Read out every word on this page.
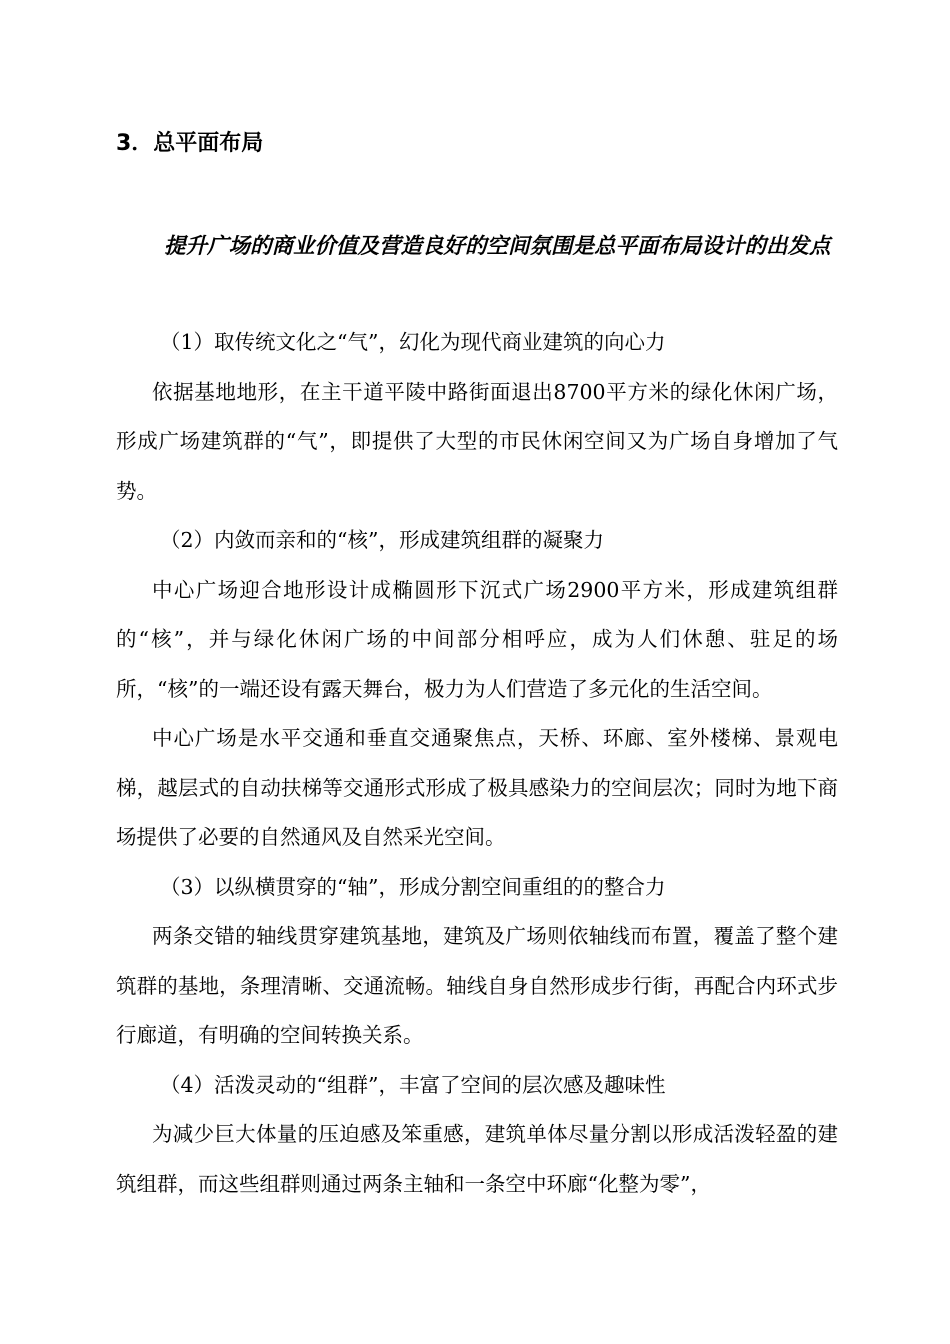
3．总平面布局

提升广场的商业价值及营造良好的空间氛围是总平面布局设计的出发点

（1）取传统文化之“气”，幻化为现代商业建筑的向心力

依据基地地形，在主干道平陵中路街面退出8700平方米的绿化休闲广场，形成广场建筑群的“气”，即提供了大型的市民休闲空间又为广场自身增加了气势。

（2）内敛而亲和的“核”，形成建筑组群的凝聚力

中心广场迎合地形设计成椭圆形下沉式广场2900平方米，形成建筑组群的“核”，并与绿化休闲广场的中间部分相呼应，成为人们休憩、驻足的场所，“核”的一端还设有露天舞台，极力为人们营造了多元化的生活空间。

中心广场是水平交通和垂直交通聚焦点，天桥、环廊、室外楼梯、景观电梯，越层式的自动扶梯等交通形式形成了极具感染力的空间层次；同时为地下商场提供了必要的自然通风及自然采光空间。

（3）以纵横贯穿的“轴”，形成分割空间重组的的整合力

两条交错的轴线贯穿建筑基地，建筑及广场则依轴线而布置，覆盖了整个建筑群的基地，条理清晰、交通流畅。轴线自身自然形成步行街，再配合内环式步行廊道，有明确的空间转换关系。

（4）活泼灵动的“组群”，丰富了空间的层次感及趣味性

为减少巨大体量的压迫感及笨重感，建筑单体尽量分割以形成活泼轻盈的建筑组群，而这些组群则通过两条主轴和一条空中环廊“化整为零”，
